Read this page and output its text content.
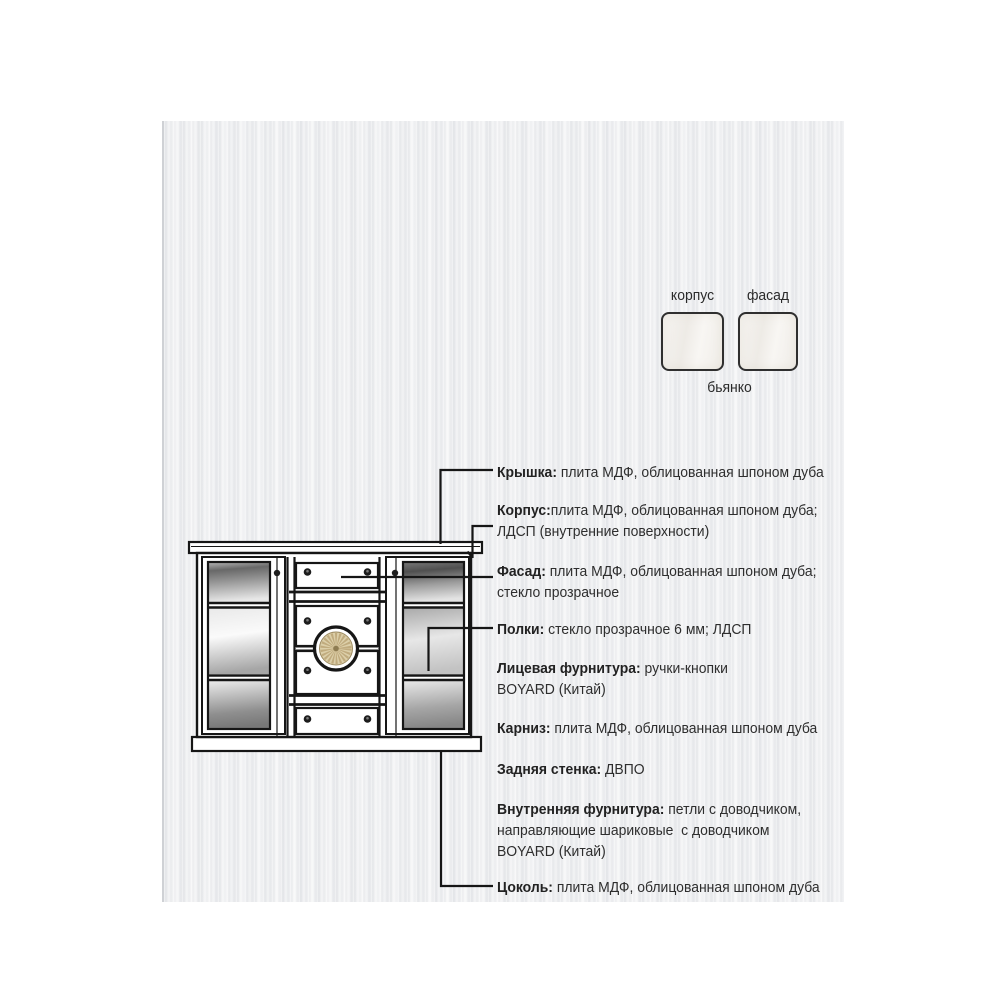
корпус	фасад
бьянко
Крышка: плита МДФ, облицованная шпоном дуба
Корпус:плита МДФ, облицованная шпоном дуба;
ЛДСП (внутренние поверхности)
Фасад: плита МДФ, облицованная шпоном дуба;
стекло прозрачное
Полки: стекло прозрачное 6 мм; ЛДСП
Лицевая фурнитура: ручки-кнопки
BOYARD (Китай)
Карниз: плита МДФ, облицованная шпоном дуба
Задняя стенка: ДВПО
Внутренняя фурнитура: петли с доводчиком,
направляющие шариковые  с доводчиком
BOYARD (Китай)
Цоколь: плита МДФ, облицованная шпоном дуба
